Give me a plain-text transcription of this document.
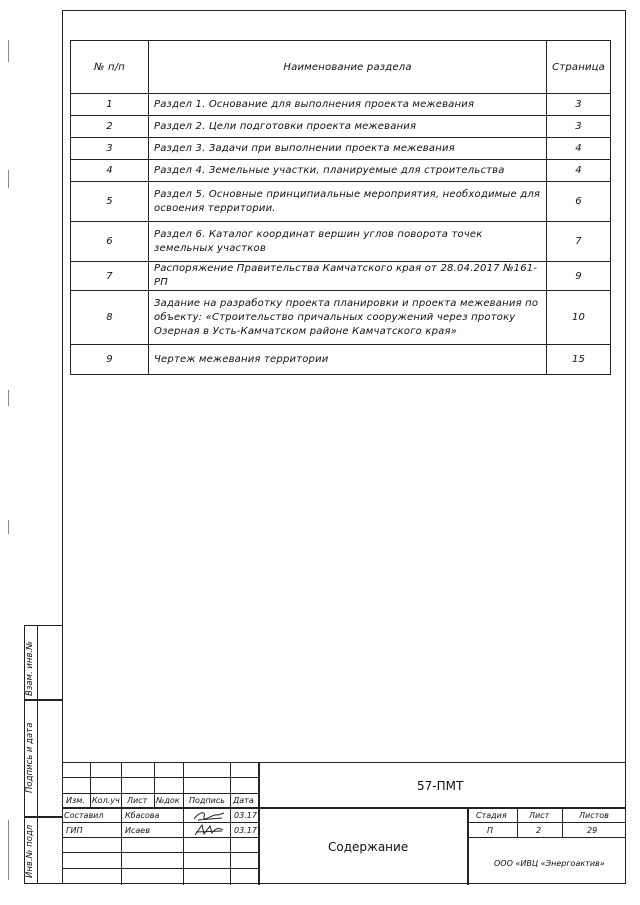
№ п/п	Наименование раздела	Страница
1	Раздел 1. Основание для выполнения проекта межевания	3
2	Раздел 2. Цели подготовки проекта межевания	3
3	Раздел 3. Задачи при выполнении проекта межевания	4
4	Раздел 4. Земельные участки, планируемые для строительства	4
5	Раздел 5. Основные принципиальные мероприятия, необходимые для освоения территории.	6
6	Раздел 6. Каталог координат вершин углов поворота точек земельных участков	7
7	Распоряжение Правительства Камчатского края от 28.04.2017 №161-РП	9
8	Задание на разработку проекта планировки и проекта межевания по объекту: «Строительство причальных сооружений через протоку Озерная в Усть-Камчатском районе Камчатского края»	10
9	Чертеж межевания территории	15
Взам. инв.№
Подпись и дата
Инв.№ подл
57-ПМТ
Изм. Кол.уч Лист №док Подпись Дата
Составил	Кбасова	03.17
ГИП	Исаев	03.17
Содержание
Стадия	Лист	Листов
П	2	29
ООО «ИВЦ «Энергоактив»
